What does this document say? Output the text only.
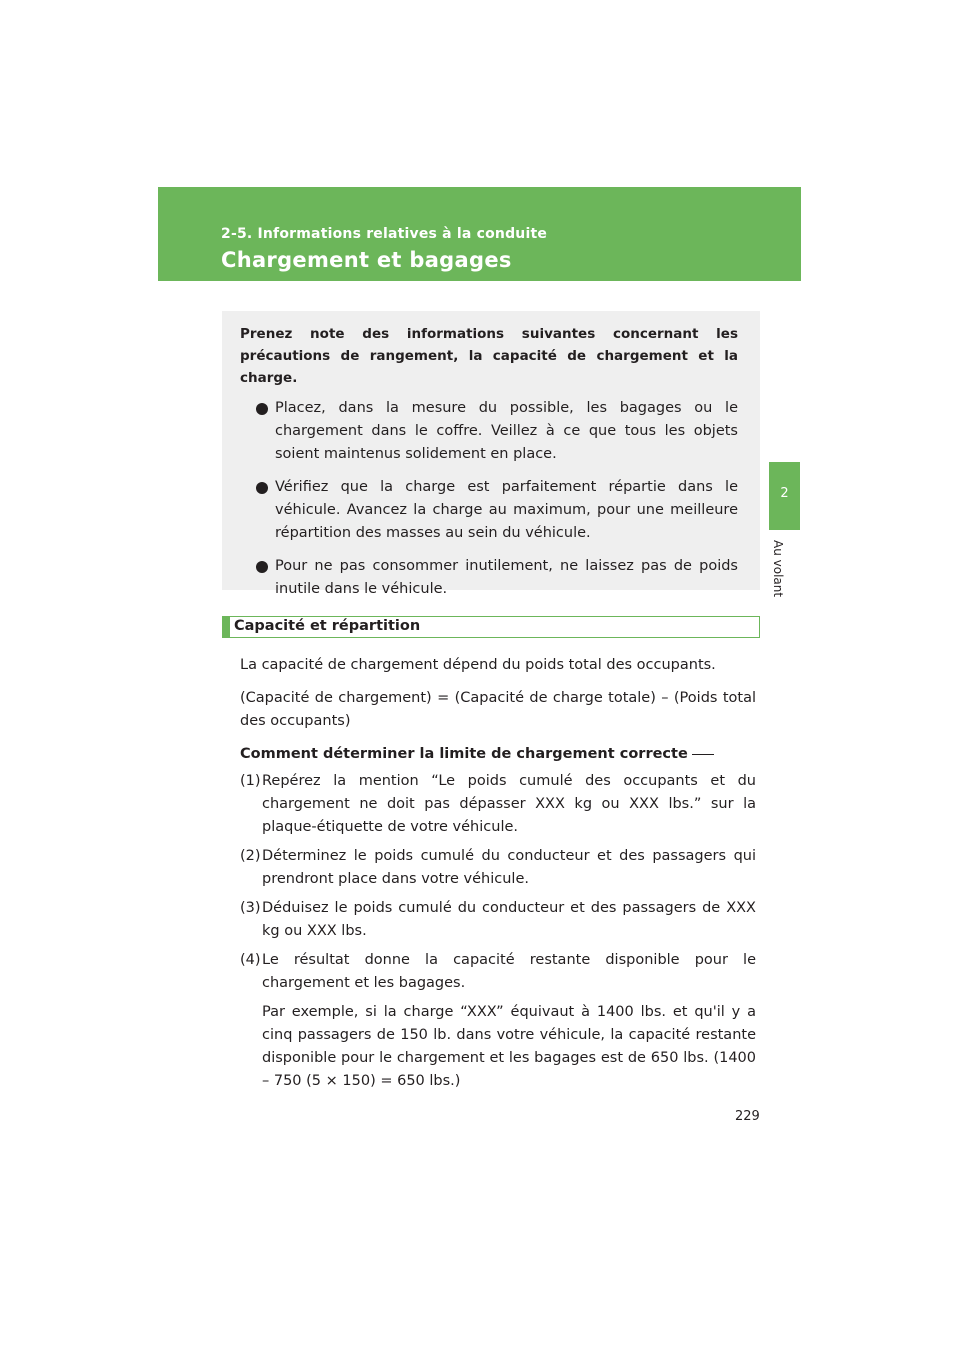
2-5. Informations relatives à la conduite
Chargement et bagages
2
Au volant

Prenez note des informations suivantes concernant les précautions de rangement, la capacité de chargement et la charge.

Placez, dans la mesure du possible, les bagages ou le chargement dans le coffre. Veillez à ce que tous les objets soient maintenus solidement en place.
Vérifiez que la charge est parfaitement répartie dans le véhicule. Avancez la charge au maximum, pour une meilleure répartition des masses au sein du véhicule.
Pour ne pas consommer inutilement, ne laissez pas de poids inutile dans le véhicule.
Capacité et répartition

La capacité de chargement dépend du poids total des occupants.

(Capacité de chargement) = (Capacité de charge totale) – (Poids total des occupants)

Comment déterminer la limite de chargement correcte

(1) Repérez la mention “Le poids cumulé des occupants et du chargement ne doit pas dépasser XXX kg ou XXX lbs.” sur la plaque-étiquette de votre véhicule.
(2) Déterminez le poids cumulé du conducteur et des passagers qui prendront place dans votre véhicule.
(3) Déduisez le poids cumulé du conducteur et des passagers de XXX kg ou XXX lbs.
(4) Le résultat donne la capacité restante disponible pour le chargement et les bagages.

Par exemple, si la charge “XXX” équivaut à 1400 lbs. et qu'il y a cinq passagers de 150 lb. dans votre véhicule, la capacité restante disponible pour le chargement et les bagages est de 650 lbs. (1400 – 750 (5 × 150) = 650 lbs.)

229
